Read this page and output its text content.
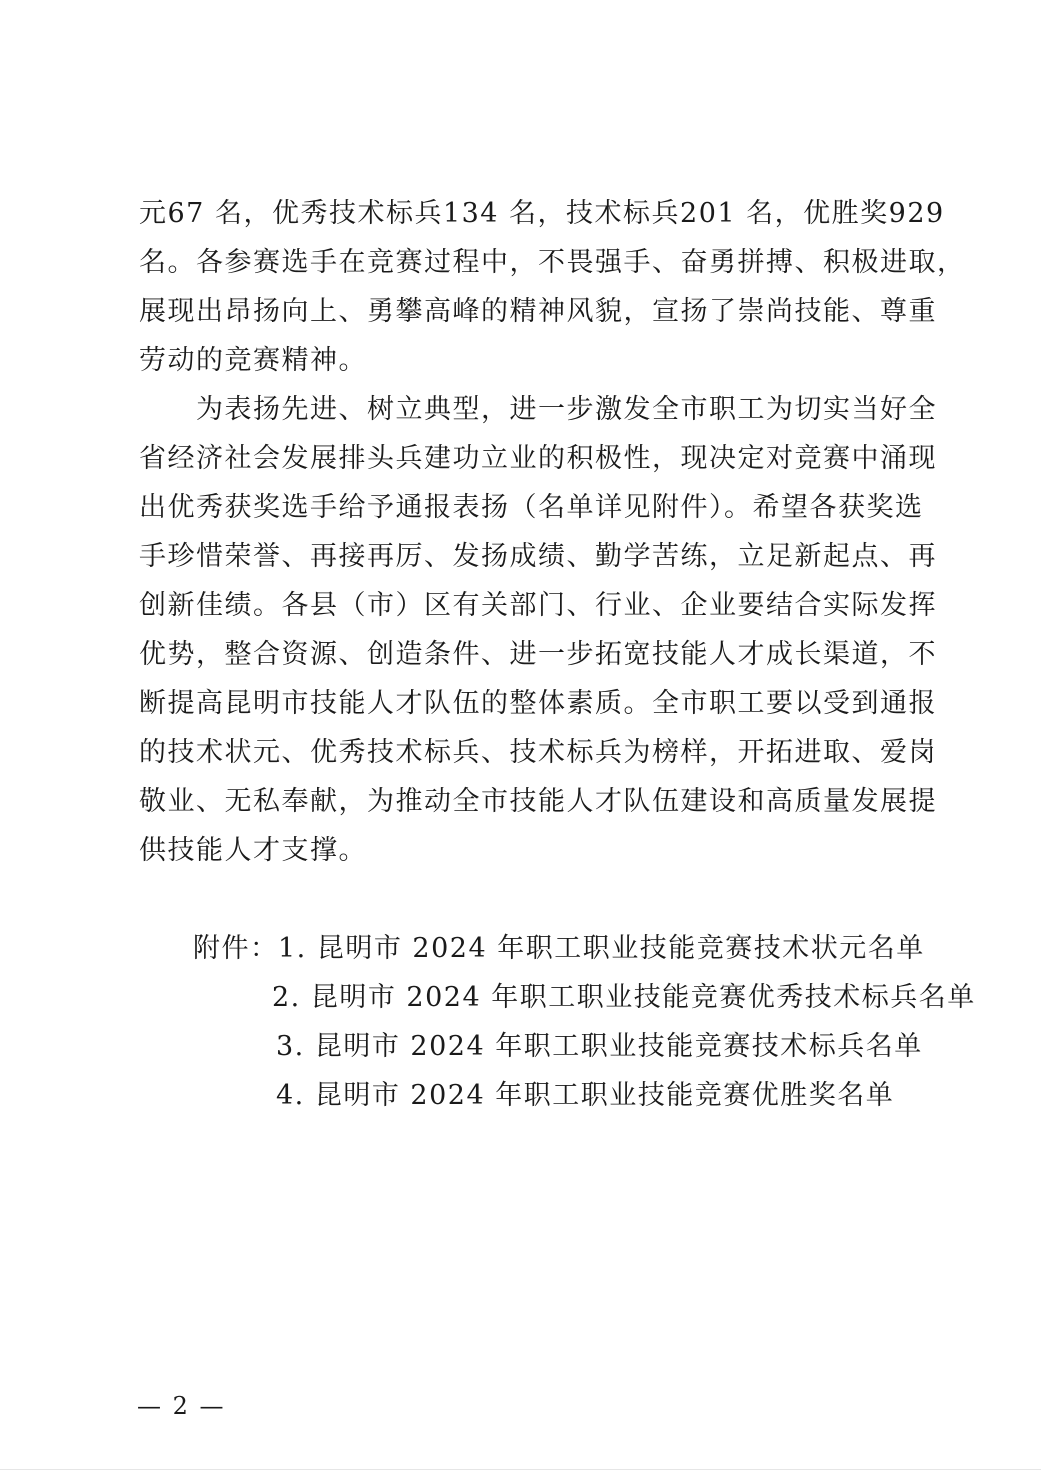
元67 名，优秀技术标兵134 名，技术标兵201 名，优胜奖929
名。各参赛选手在竞赛过程中，不畏强手、奋勇拼搏、积极进取，
展现出昂扬向上、勇攀高峰的精神风貌，宣扬了崇尚技能、尊重
劳动的竞赛精神。
　　为表扬先进、树立典型，进一步激发全市职工为切实当好全
省经济社会发展排头兵建功立业的积极性，现决定对竞赛中涌现
出优秀获奖选手给予通报表扬（名单详见附件）。希望各获奖选
手珍惜荣誉、再接再厉、发扬成绩、勤学苦练，立足新起点、再
创新佳绩。各县（市）区有关部门、行业、企业要结合实际发挥
优势，整合资源、创造条件、进一步拓宽技能人才成长渠道，不
断提高昆明市技能人才队伍的整体素质。全市职工要以受到通报
的技术状元、优秀技术标兵、技术标兵为榜样，开拓进取、爱岗
敬业、无私奉献，为推动全市技能人才队伍建设和高质量发展提
供技能人才支撑。
附件： 1. 昆明市 2024 年职工职业技能竞赛技术状元名单
2. 昆明市 2024 年职工职业技能竞赛优秀技术标兵名单
3. 昆明市 2024 年职工职业技能竞赛技术标兵名单
4. 昆明市 2024 年职工职业技能竞赛优胜奖名单
— 2 —
